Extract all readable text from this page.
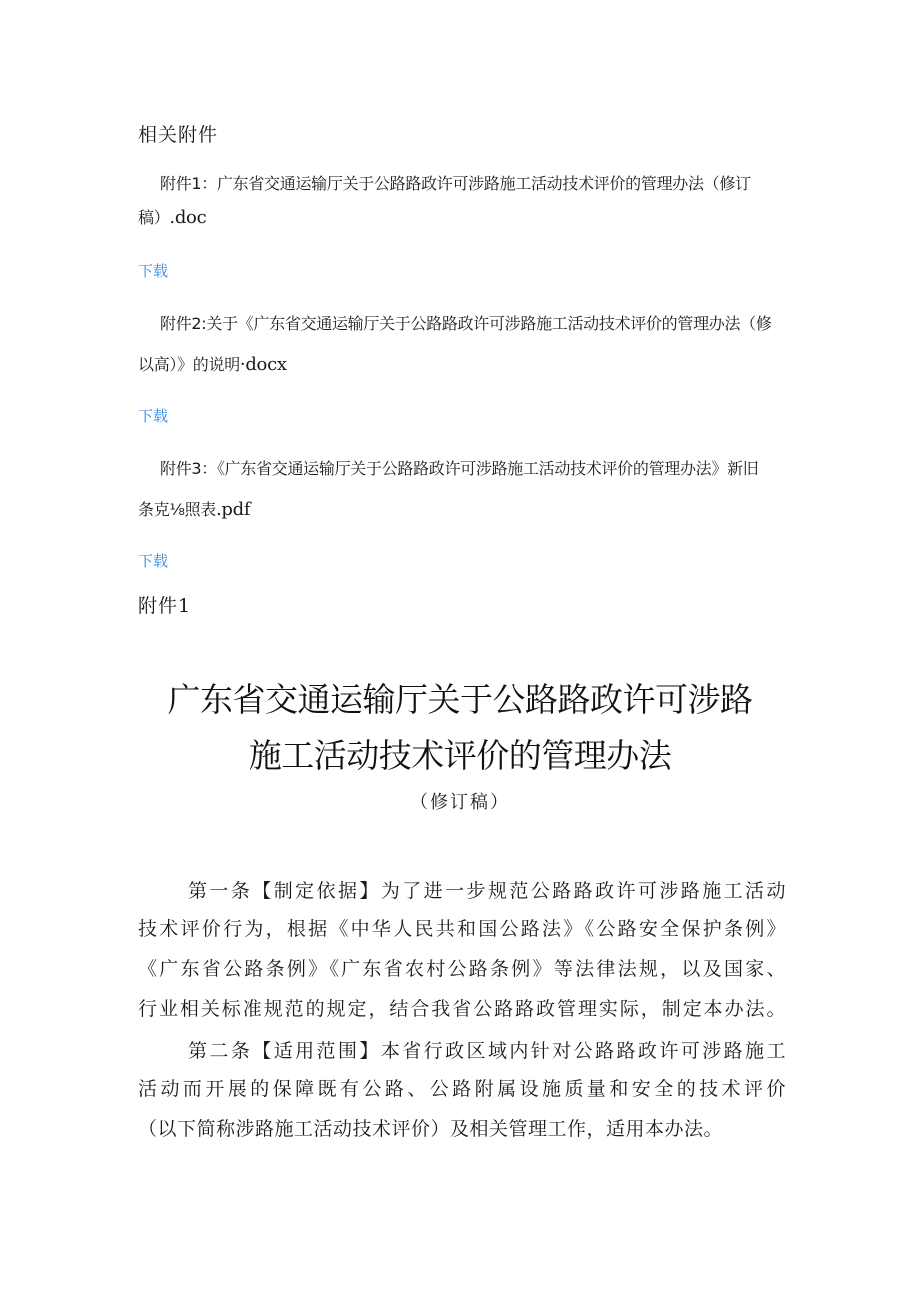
相关附件
附件1：广东省交通运输厅关于公路路政许可涉路施工活动技术评价的管理办法（修订
稿）.doc
下载
附件2:关于《广东省交通运输厅关于公路路政许可涉路施工活动技术评价的管理办法（修
以高）》的说明·docx
下载
附件3：《广东省交通运输厅关于公路路政许可涉路施工活动技术评价的管理办法》新旧
条克⅛照表.pdf
下载
附件1
广东省交通运输厅关于公路路政许可涉路
施工活动技术评价的管理办法
（修订稿）
第一条【制定依据】为了进一步规范公路路政许可涉路施工活动
技术评价行为，根据《中华人民共和国公路法》《公路安全保护条例》
《广东省公路条例》《广东省农村公路条例》等法律法规，以及国家、
行业相关标准规范的规定，结合我省公路路政管理实际，制定本办法。
第二条【适用范围】本省行政区域内针对公路路政许可涉路施工
活动而开展的保障既有公路、公路附属设施质量和安全的技术评价
（以下简称涉路施工活动技术评价）及相关管理工作，适用本办法。
